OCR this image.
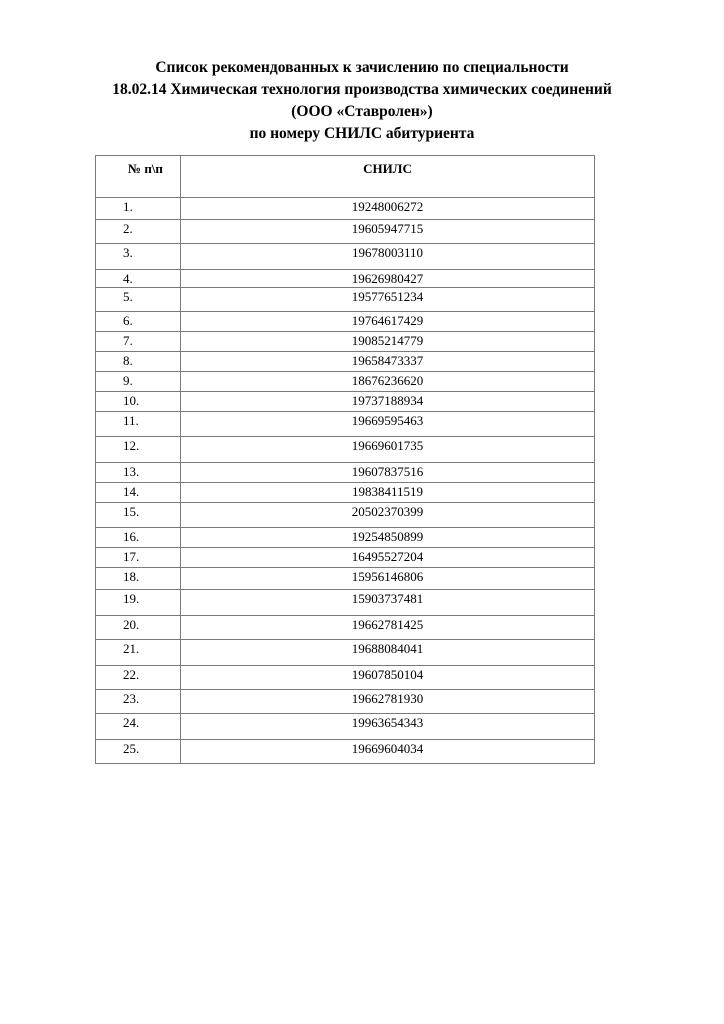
Список рекомендованных к зачислению по специальности
18.02.14 Химическая технология производства химических соединений
(ООО «Ставролен»)
по номеру СНИЛС абитуриента
№ п\п	СНИЛС
1.	19248006272
2.	19605947715
3.	19678003110
4.	19626980427
5.	19577651234
6.	19764617429
7.	19085214779
8.	19658473337
9.	18676236620
10.	19737188934
11.	19669595463
12.	19669601735
13.	19607837516
14.	19838411519
15.	20502370399
16.	19254850899
17.	16495527204
18.	15956146806
19.	15903737481
20.	19662781425
21.	19688084041
22.	19607850104
23.	19662781930
24.	19963654343
25.	19669604034
